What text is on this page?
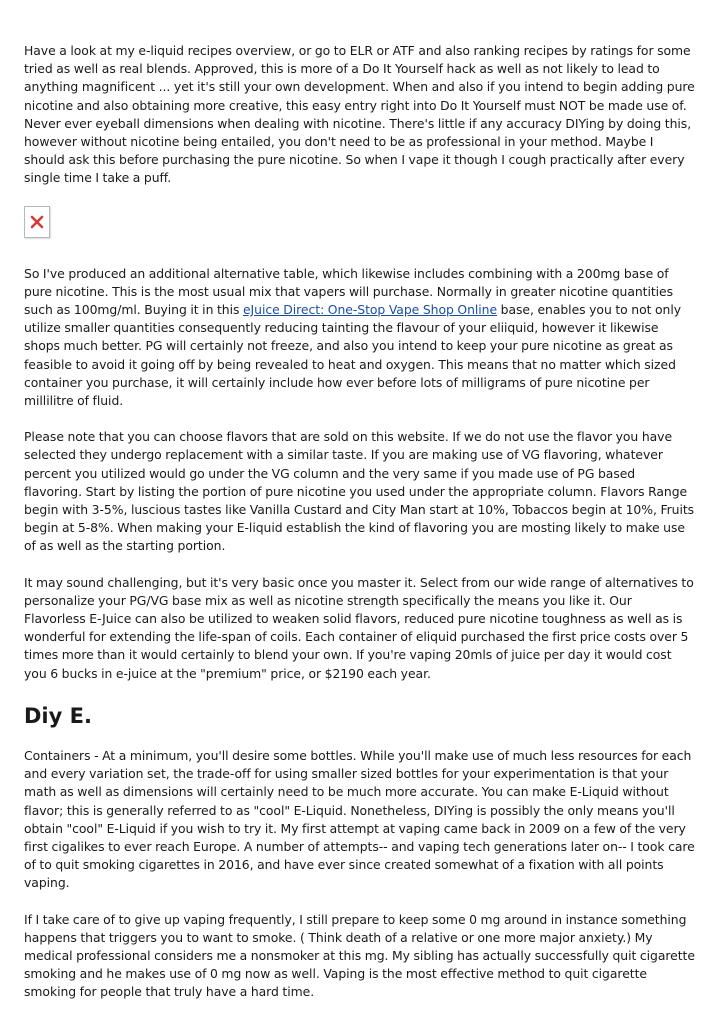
Have a look at my e-liquid recipes overview, or go to ELR or ATF and also ranking recipes by ratings for some tried as well as real blends. Approved, this is more of a Do It Yourself hack as well as not likely to lead to anything magnificent ... yet it's still your own development. When and also if you intend to begin adding pure nicotine and also obtaining more creative, this easy entry right into Do It Yourself must NOT be made use of. Never ever eyeball dimensions when dealing with nicotine. There's little if any accuracy DIYing by doing this, however without nicotine being entailed, you don't need to be as professional in your method. Maybe I should ask this before purchasing the pure nicotine. So when I vape it though I cough practically after every single time I take a puff.

So I've produced an additional alternative table, which likewise includes combining with a 200mg base of pure nicotine. This is the most usual mix that vapers will purchase. Normally in greater nicotine quantities such as 100mg/ml. Buying it in this eJuice Direct: One-Stop Vape Shop Online base, enables you to not only utilize smaller quantities consequently reducing tainting the flavour of your eliiquid, however it likewise shops much better. PG will certainly not freeze, and also you intend to keep your pure nicotine as great as feasible to avoid it going off by being revealed to heat and oxygen. This means that no matter which sized container you purchase, it will certainly include how ever before lots of milligrams of pure nicotine per millilitre of fluid.

Please note that you can choose flavors that are sold on this website. If we do not use the flavor you have selected they undergo replacement with a similar taste. If you are making use of VG flavoring, whatever percent you utilized would go under the VG column and the very same if you made use of PG based flavoring. Start by listing the portion of pure nicotine you used under the appropriate column. Flavors Range begin with 3-5%, luscious tastes like Vanilla Custard and City Man start at 10%, Tobaccos begin at 10%, Fruits begin at 5-8%. When making your E-liquid establish the kind of flavoring you are mosting likely to make use of as well as the starting portion.

It may sound challenging, but it's very basic once you master it. Select from our wide range of alternatives to personalize your PG/VG base mix as well as nicotine strength specifically the means you like it. Our Flavorless E-Juice can also be utilized to weaken solid flavors, reduced pure nicotine toughness as well as is wonderful for extending the life-span of coils. Each container of eliquid purchased the first price costs over 5 times more than it would certainly to blend your own. If you're vaping 20mls of juice per day it would cost you 6 bucks in e-juice at the "premium" price, or $2190 each year.

Diy E.

Containers - At a minimum, you'll desire some bottles. While you'll make use of much less resources for each and every variation set, the trade-off for using smaller sized bottles for your experimentation is that your math as well as dimensions will certainly need to be much more accurate. You can make E-Liquid without flavor; this is generally referred to as "cool" E-Liquid. Nonetheless, DIYing is possibly the only means you'll obtain "cool" E-Liquid if you wish to try it. My first attempt at vaping came back in 2009 on a few of the very first cigalikes to ever reach Europe. A number of attempts-- and vaping tech generations later on-- I took care of to quit smoking cigarettes in 2016, and have ever since created somewhat of a fixation with all points vaping.

If I take care of to give up vaping frequently, I still prepare to keep some 0 mg around in instance something happens that triggers you to want to smoke. ( Think death of a relative or one more major anxiety.) My medical professional considers me a nonsmoker at this mg. My sibling has actually successfully quit cigarette smoking and he makes use of 0 mg now as well. Vaping is the most effective method to quit cigarette smoking for people that truly have a hard time.
